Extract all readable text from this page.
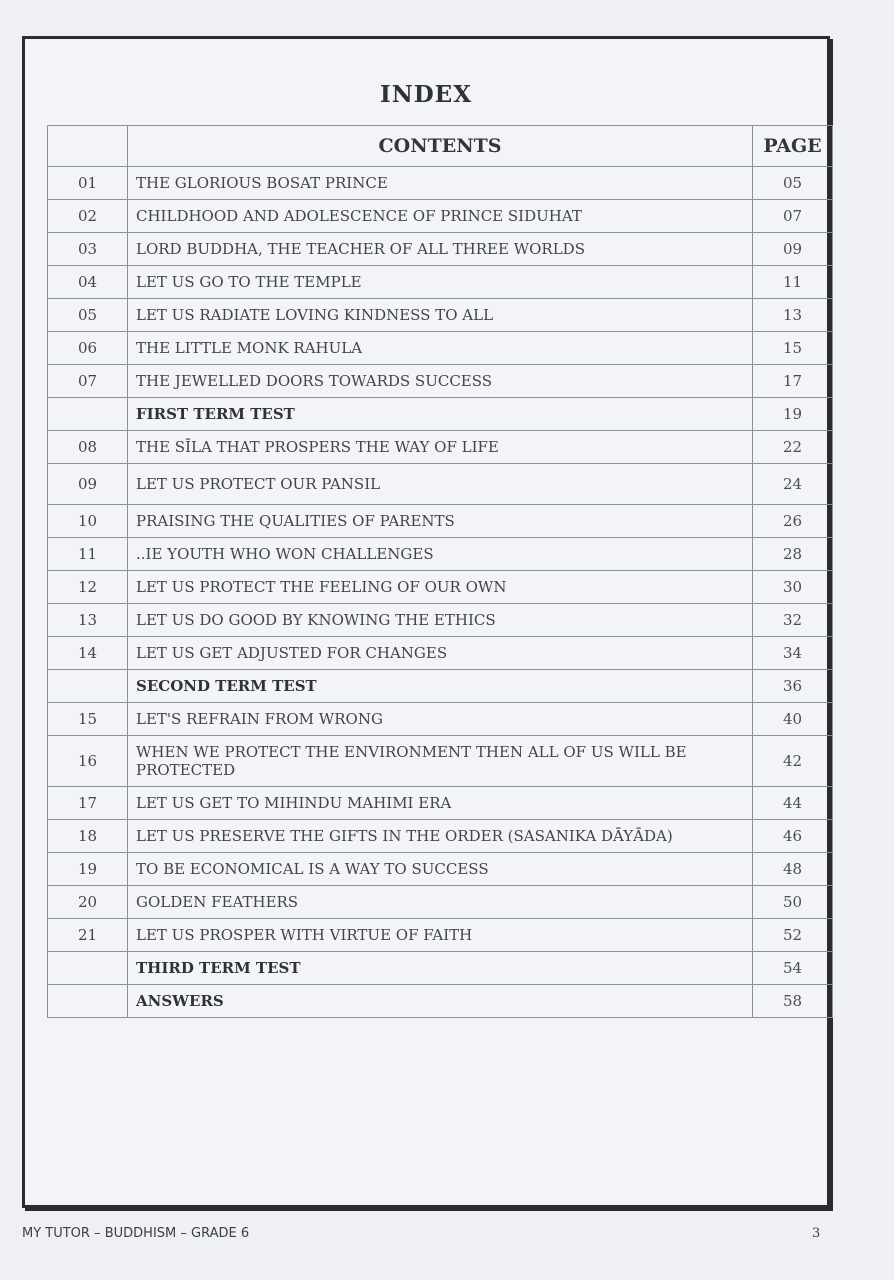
INDEX
	CONTENTS	PAGE
01	THE GLORIOUS BOSAT PRINCE	05
02	CHILDHOOD AND ADOLESCENCE OF PRINCE SIDUHAT	07
03	LORD BUDDHA, THE TEACHER OF ALL THREE WORLDS	09
04	LET US GO TO THE TEMPLE	11
05	LET US RADIATE LOVING KINDNESS TO ALL	13
06	THE LITTLE MONK RAHULA	15
07	THE JEWELLED DOORS TOWARDS SUCCESS	17
	FIRST TERM TEST	19
08	THE SĪLA THAT PROSPERS THE WAY OF LIFE	22
09	LET US PROTECT OUR PANSIL	24
10	PRAISING THE QUALITIES OF PARENTS	26
11	..IE YOUTH WHO WON CHALLENGES	28
12	LET US PROTECT THE FEELING OF OUR OWN	30
13	LET US DO GOOD BY KNOWING THE ETHICS	32
14	LET US GET ADJUSTED FOR CHANGES	34
	SECOND TERM TEST	36
15	LET'S REFRAIN FROM WRONG	40
16	WHEN WE PROTECT THE ENVIRONMENT THEN ALL OF US WILL BE PROTECTED	42
17	LET US GET TO MIHINDU MAHIMI ERA	44
18	LET US PRESERVE THE GIFTS IN THE ORDER (SASANIKA DĀYĀDA)	46
19	TO BE ECONOMICAL IS A WAY TO SUCCESS	48
20	GOLDEN FEATHERS	50
21	LET US PROSPER WITH VIRTUE OF FAITH	52
	THIRD TERM TEST	54
	ANSWERS	58
MY TUTOR – BUDDHISM – GRADE 6	3
